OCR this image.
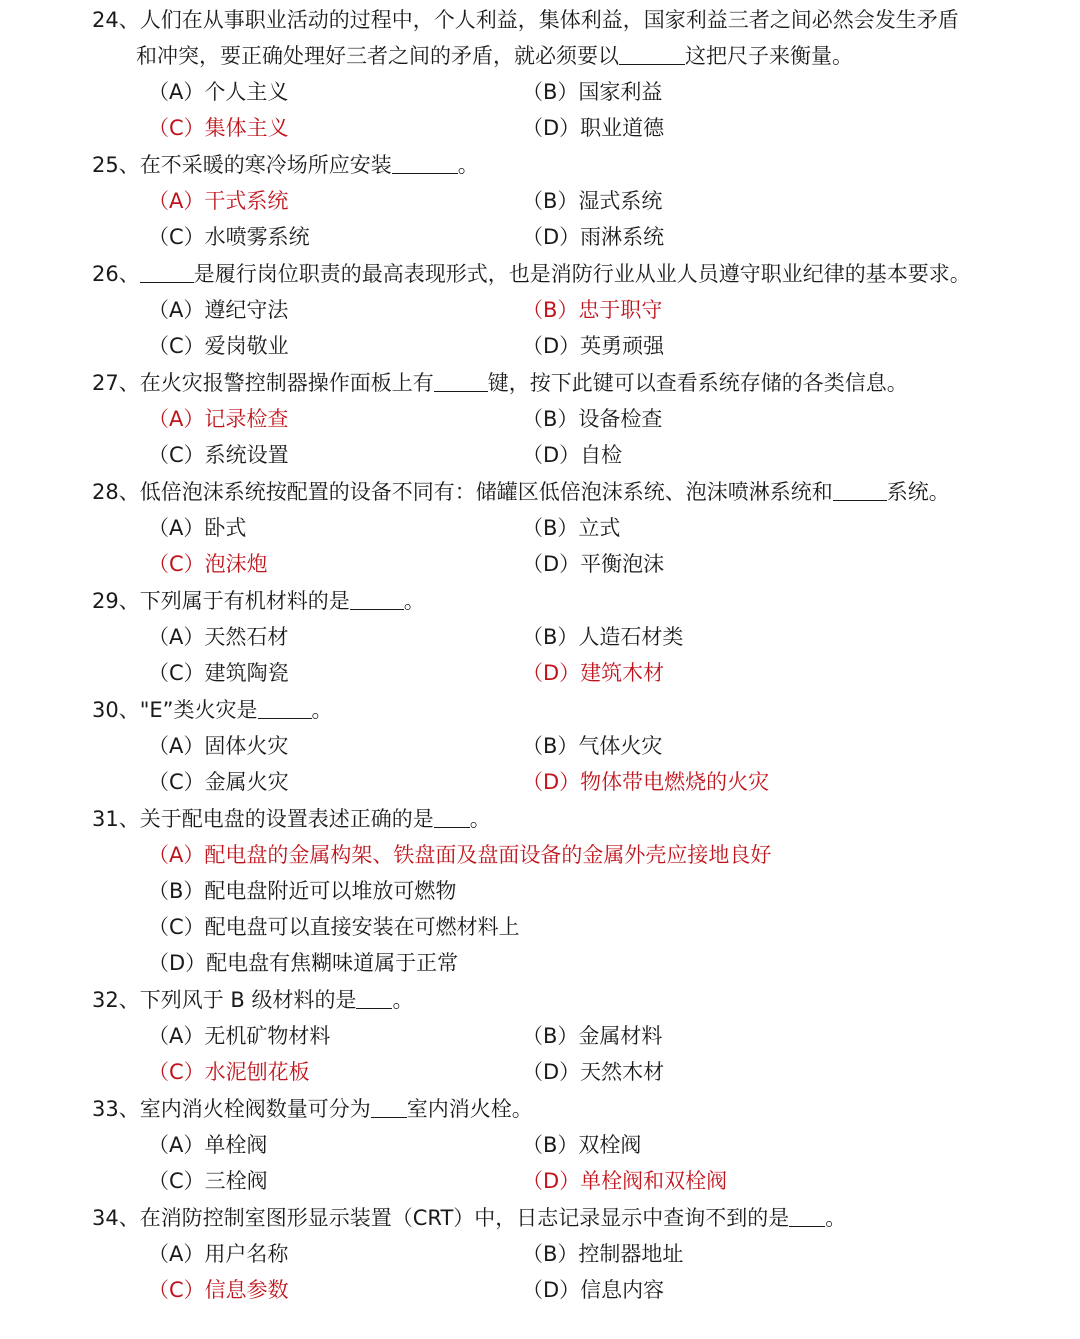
24、人们在从事职业活动的过程中，个人利益，集体利益，国家利益三者之间必然会发生矛盾
和冲突，要正确处理好三者之间的矛盾，就必须要以	这把尺子来衡量。
（A）个人主义	（B）国家利益
（C）集体主义	（D）职业道德
25、在不采暖的寒冷场所应安装	。
（A）干式系统	（B）湿式系统
（C）水喷雾系统	（D）雨淋系统
26、	是履行岗位职责的最高表现形式，也是消防行业从业人员遵守职业纪律的基本要求。
（A）遵纪守法	（B）忠于职守
（C）爱岗敬业	（D）英勇顽强
27、在火灾报警控制器操作面板上有	键，按下此键可以查看系统存储的各类信息。
（A）记录检查	（B）设备检查
（C）系统设置	（D）自检
28、低倍泡沫系统按配置的设备不同有：储罐区低倍泡沫系统、泡沫喷淋系统和	系统。
（A）卧式	（B）立式
（C）泡沫炮	（D）平衡泡沫
29、下列属于有机材料的是	。
（A）天然石材	（B）人造石材类
（C）建筑陶瓷	（D）建筑木材
30、"E”类火灾是	。
（A）固体火灾	（B）气体火灾
（C）金属火灾	（D）物体带电燃烧的火灾
31、关于配电盘的设置表述正确的是 。
（A）配电盘的金属构架、铁盘面及盘面设备的金属外壳应接地良好
（B）配电盘附近可以堆放可燃物
（C）配电盘可以直接安装在可燃材料上
（D）配电盘有焦糊味道属于正常
32、下列风于 B 级材料的是 。
（A）无机矿物材料	（B）金属材料
（C）水泥刨花板	（D）天然木材
33、室内消火栓阀数量可分为 室内消火栓。
（A）单栓阀	（B）双栓阀
（C）三栓阀	（D）单栓阀和双栓阀
34、在消防控制室图形显示装置（CRT）中，日志记录显示中查询不到的是 。
（A）用户名称	（B）控制器地址
（C）信息参数	（D）信息内容
